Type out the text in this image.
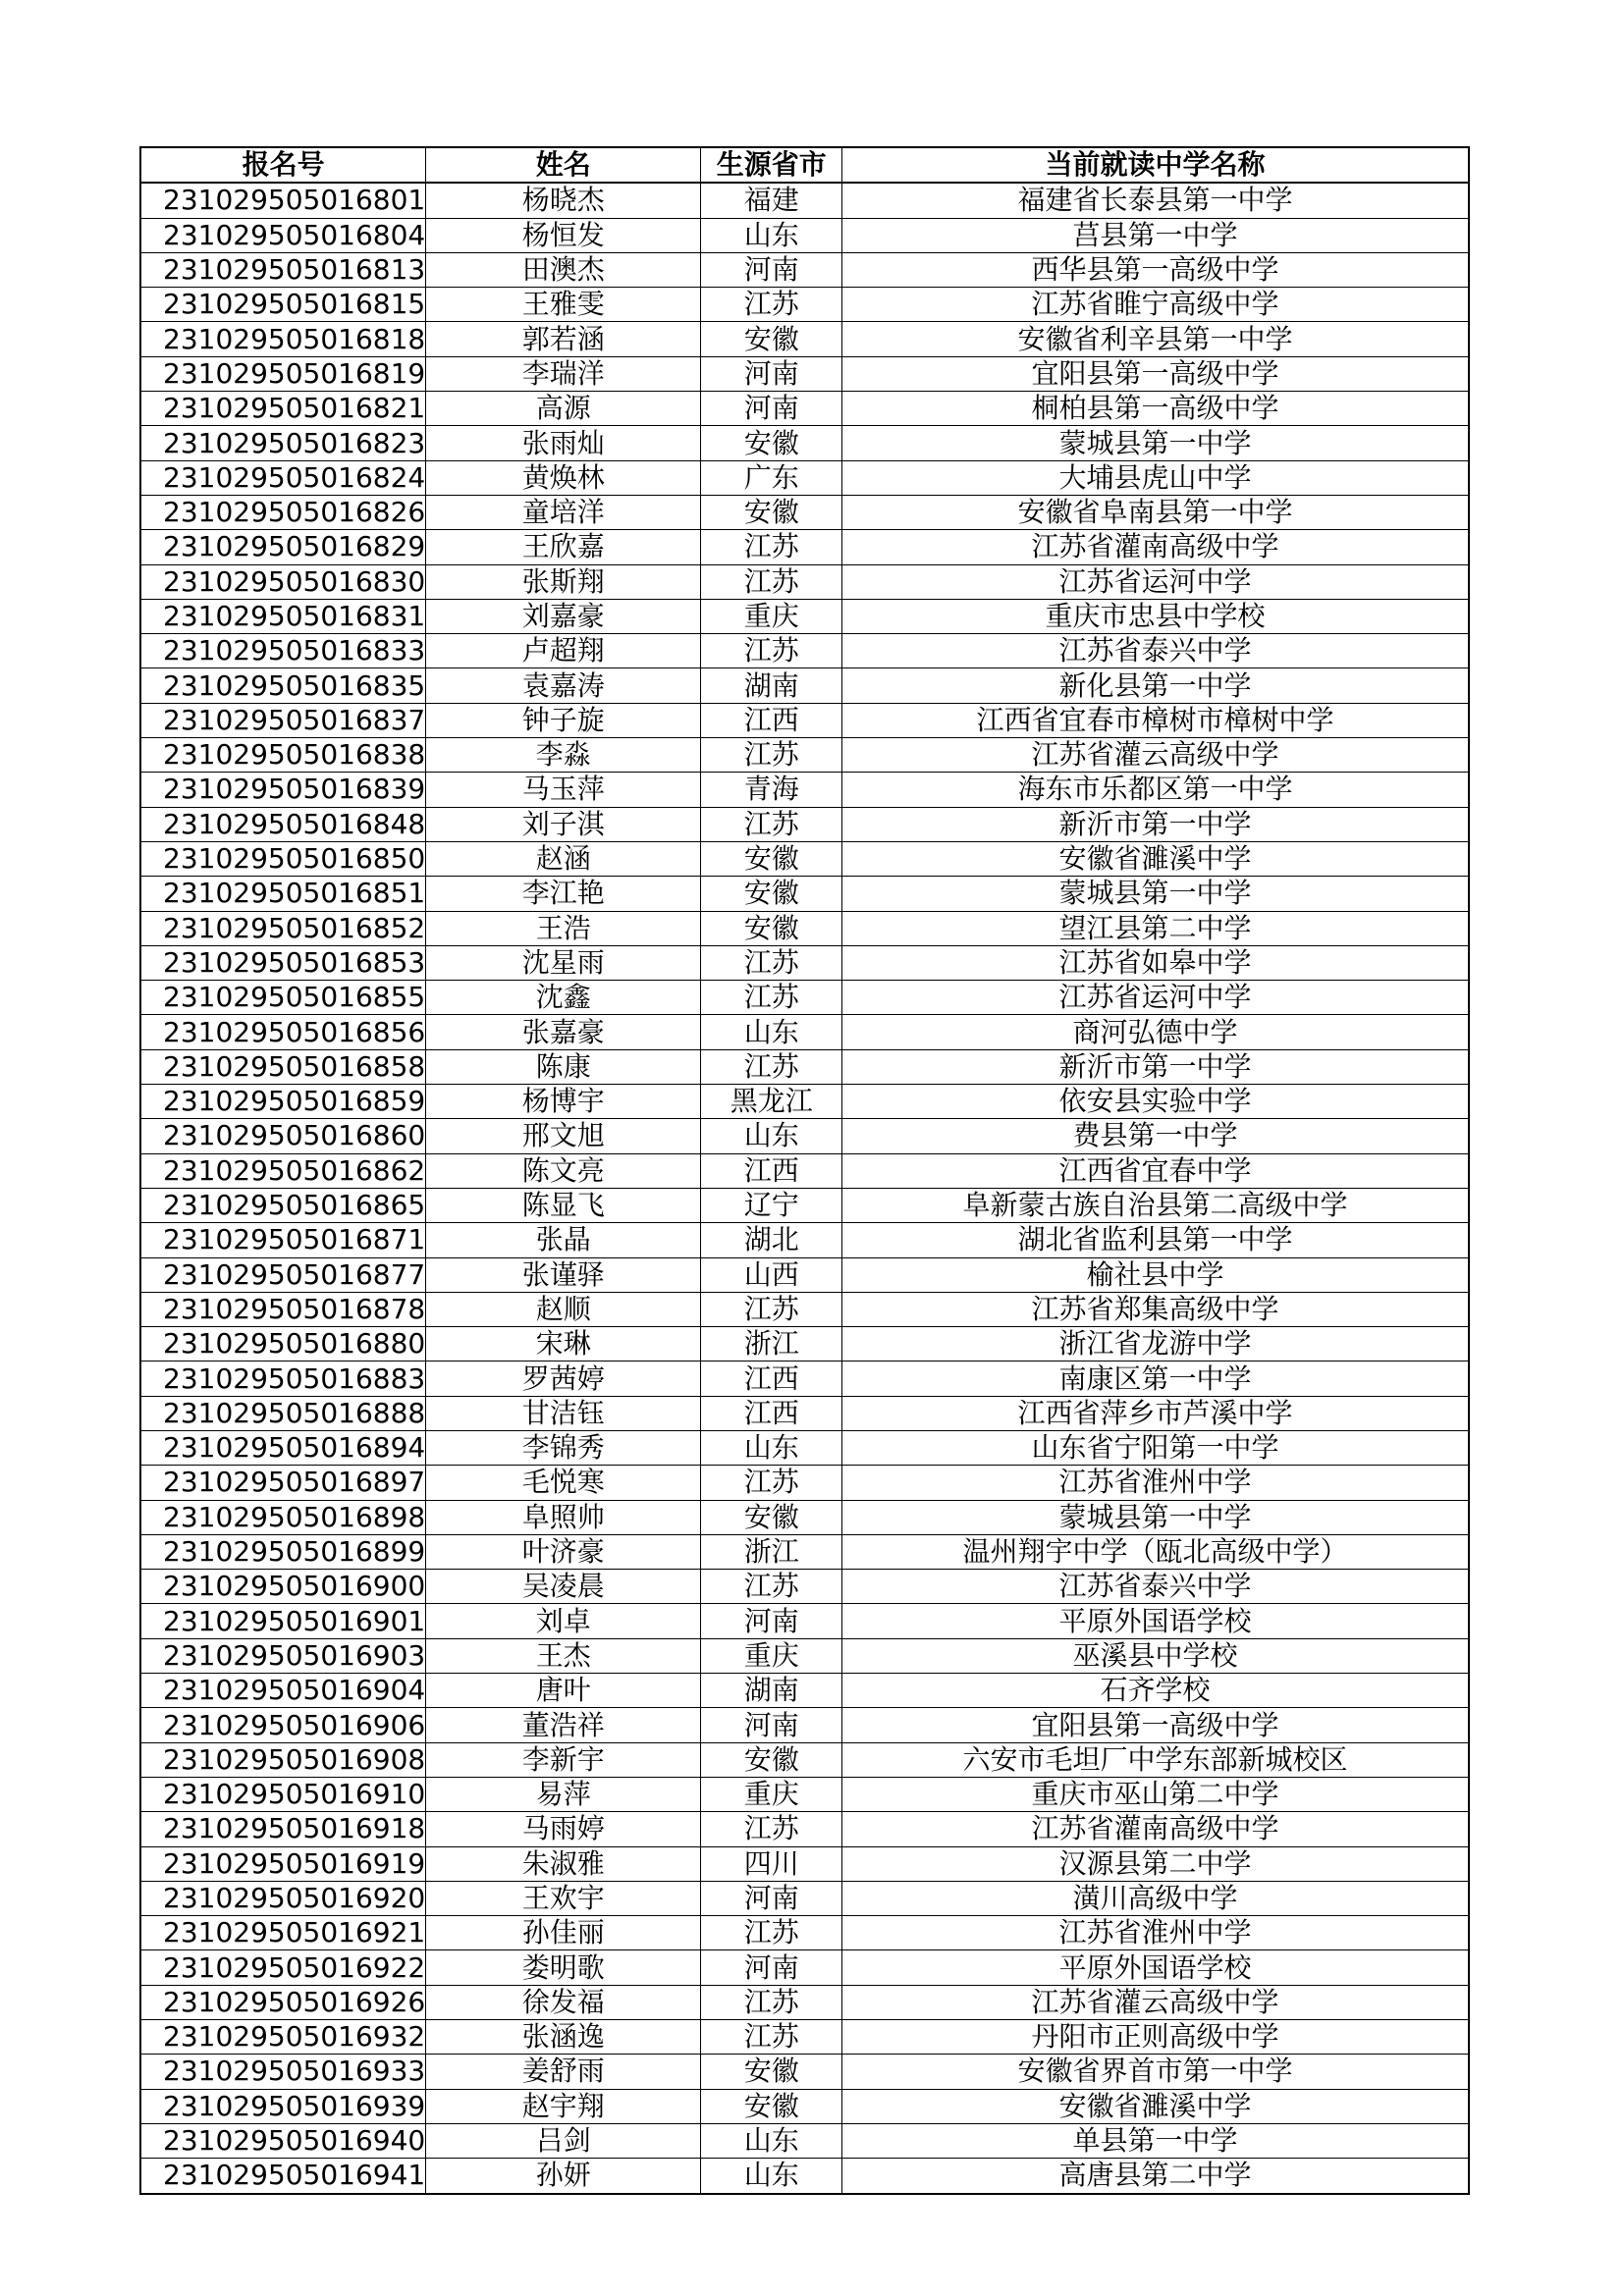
报名号	姓名	生源省市	当前就读中学名称
231029505016801	杨晓杰	福建	福建省长泰县第一中学
231029505016804	杨恒发	山东	莒县第一中学
231029505016813	田澳杰	河南	西华县第一高级中学
231029505016815	王雅雯	江苏	江苏省睢宁高级中学
231029505016818	郭若涵	安徽	安徽省利辛县第一中学
231029505016819	李瑞洋	河南	宜阳县第一高级中学
231029505016821	高源	河南	桐柏县第一高级中学
231029505016823	张雨灿	安徽	蒙城县第一中学
231029505016824	黄焕林	广东	大埔县虎山中学
231029505016826	童培洋	安徽	安徽省阜南县第一中学
231029505016829	王欣嘉	江苏	江苏省灌南高级中学
231029505016830	张斯翔	江苏	江苏省运河中学
231029505016831	刘嘉豪	重庆	重庆市忠县中学校
231029505016833	卢超翔	江苏	江苏省泰兴中学
231029505016835	袁嘉涛	湖南	新化县第一中学
231029505016837	钟子旋	江西	江西省宜春市樟树市樟树中学
231029505016838	李淼	江苏	江苏省灌云高级中学
231029505016839	马玉萍	青海	海东市乐都区第一中学
231029505016848	刘子淇	江苏	新沂市第一中学
231029505016850	赵涵	安徽	安徽省濉溪中学
231029505016851	李江艳	安徽	蒙城县第一中学
231029505016852	王浩	安徽	望江县第二中学
231029505016853	沈星雨	江苏	江苏省如皋中学
231029505016855	沈鑫	江苏	江苏省运河中学
231029505016856	张嘉豪	山东	商河弘德中学
231029505016858	陈康	江苏	新沂市第一中学
231029505016859	杨博宇	黑龙江	依安县实验中学
231029505016860	邢文旭	山东	费县第一中学
231029505016862	陈文亮	江西	江西省宜春中学
231029505016865	陈显飞	辽宁	阜新蒙古族自治县第二高级中学
231029505016871	张晶	湖北	湖北省监利县第一中学
231029505016877	张谨驿	山西	榆社县中学
231029505016878	赵顺	江苏	江苏省郑集高级中学
231029505016880	宋琳	浙江	浙江省龙游中学
231029505016883	罗茜婷	江西	南康区第一中学
231029505016888	甘洁钰	江西	江西省萍乡市芦溪中学
231029505016894	李锦秀	山东	山东省宁阳第一中学
231029505016897	毛悦寒	江苏	江苏省淮州中学
231029505016898	阜照帅	安徽	蒙城县第一中学
231029505016899	叶济豪	浙江	温州翔宇中学（瓯北高级中学）
231029505016900	吴凌晨	江苏	江苏省泰兴中学
231029505016901	刘卓	河南	平原外国语学校
231029505016903	王杰	重庆	巫溪县中学校
231029505016904	唐叶	湖南	石齐学校
231029505016906	董浩祥	河南	宜阳县第一高级中学
231029505016908	李新宇	安徽	六安市毛坦厂中学东部新城校区
231029505016910	易萍	重庆	重庆市巫山第二中学
231029505016918	马雨婷	江苏	江苏省灌南高级中学
231029505016919	朱淑雅	四川	汉源县第二中学
231029505016920	王欢宇	河南	潢川高级中学
231029505016921	孙佳丽	江苏	江苏省淮州中学
231029505016922	娄明歌	河南	平原外国语学校
231029505016926	徐发福	江苏	江苏省灌云高级中学
231029505016932	张涵逸	江苏	丹阳市正则高级中学
231029505016933	姜舒雨	安徽	安徽省界首市第一中学
231029505016939	赵宇翔	安徽	安徽省濉溪中学
231029505016940	吕剑	山东	单县第一中学
231029505016941	孙妍	山东	高唐县第二中学
